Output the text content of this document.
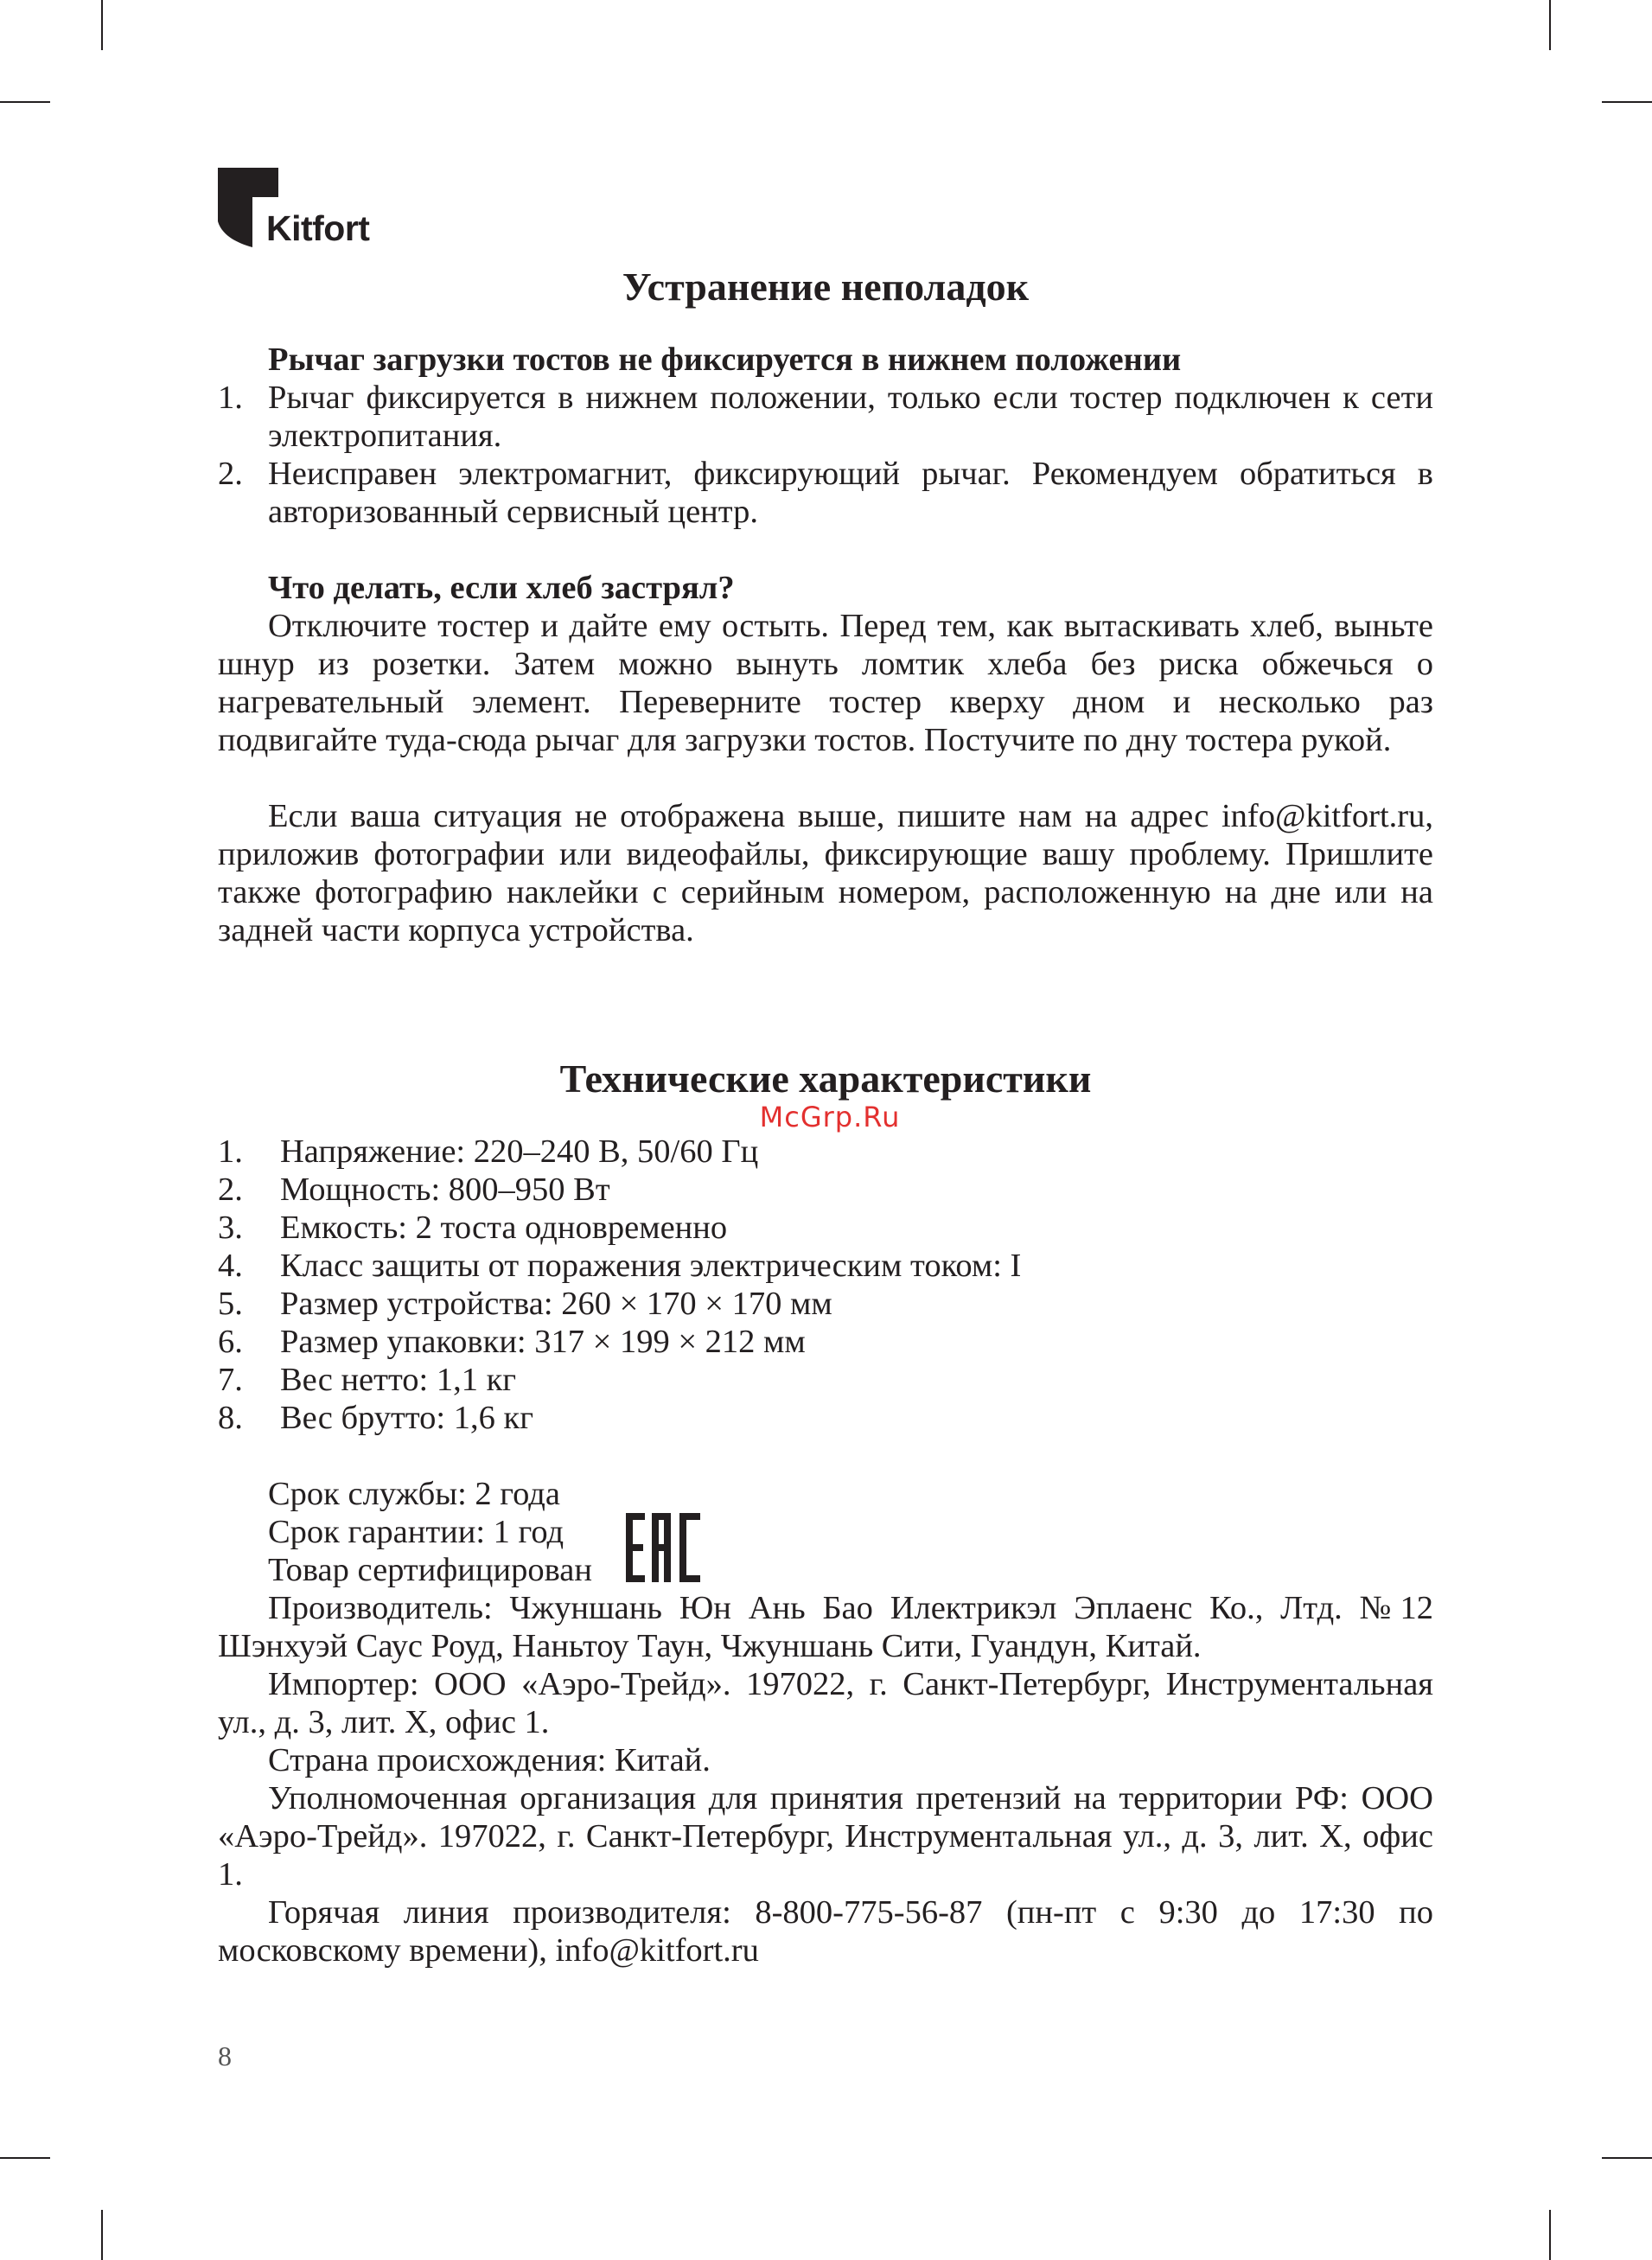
Kitfort
Устранение неполадок
Рычаг загрузки тостов не фиксируется в нижнем положении
1. Рычаг фиксируется в нижнем положении, только если тостер подключен к сети электропитания.
2. Неисправен электромагнит, фиксирующий рычаг. Рекомендуем обратиться в авторизованный сервисный центр.
Что делать, если хлеб застрял?

Отключите тостер и дайте ему остыть. Перед тем, как вытаскивать хлеб, выньте шнур из розетки. Затем можно вынуть ломтик хлеба без риска обжечься о нагревательный элемент. Переверните тостер кверху дном и несколько раз подвигайте туда-сюда рычаг для загрузки тостов. Постучите по дну тостера рукой.

Если ваша ситуация не отображена выше, пишите нам на адрес info@kitfort.ru, приложив фотографии или видеофайлы, фиксирующие вашу проблему. Пришлите также фотографию наклейки с серийным номером, расположенную на дне или на задней части корпуса устройства.

Технические характеристики
McGrp.Ru
1. Напряжение: 220–240 В, 50/60 Гц
2. Мощность: 800–950 Вт
3. Емкость: 2 тоста одновременно
4. Класс защиты от поражения электрическим током: I
5. Размер устройства: 260 × 170 × 170 мм
6. Размер упаковки: 317 × 199 × 212 мм
7. Вес нетто: 1,1 кг
8. Вес брутто: 1,6 кг
Срок службы: 2 года
Срок гарантии: 1 год
Товар сертифицирован

Производитель: Чжуншань Юн Ань Бао Илектрикэл Эплаенс Ко., Лтд. №12 Шэнхуэй Саус Роуд, Наньтоу Таун, Чжуншань Сити, Гуандун, Китай.

Импортер: ООО «Аэро-Трейд». 197022, г. Санкт-Петербург, Инструментальная ул., д. 3, лит. Х, офис 1.

Страна происхождения: Китай.

Уполномоченная организация для принятия претензий на территории РФ: ООО «Аэро-Трейд». 197022, г. Санкт-Петербург, Инструментальная ул., д. 3, лит. Х, офис 1.

Горячая линия производителя: 8-800-775-56-87 (пн-пт с 9:30 до 17:30 по московскому времени), info@kitfort.ru

8
